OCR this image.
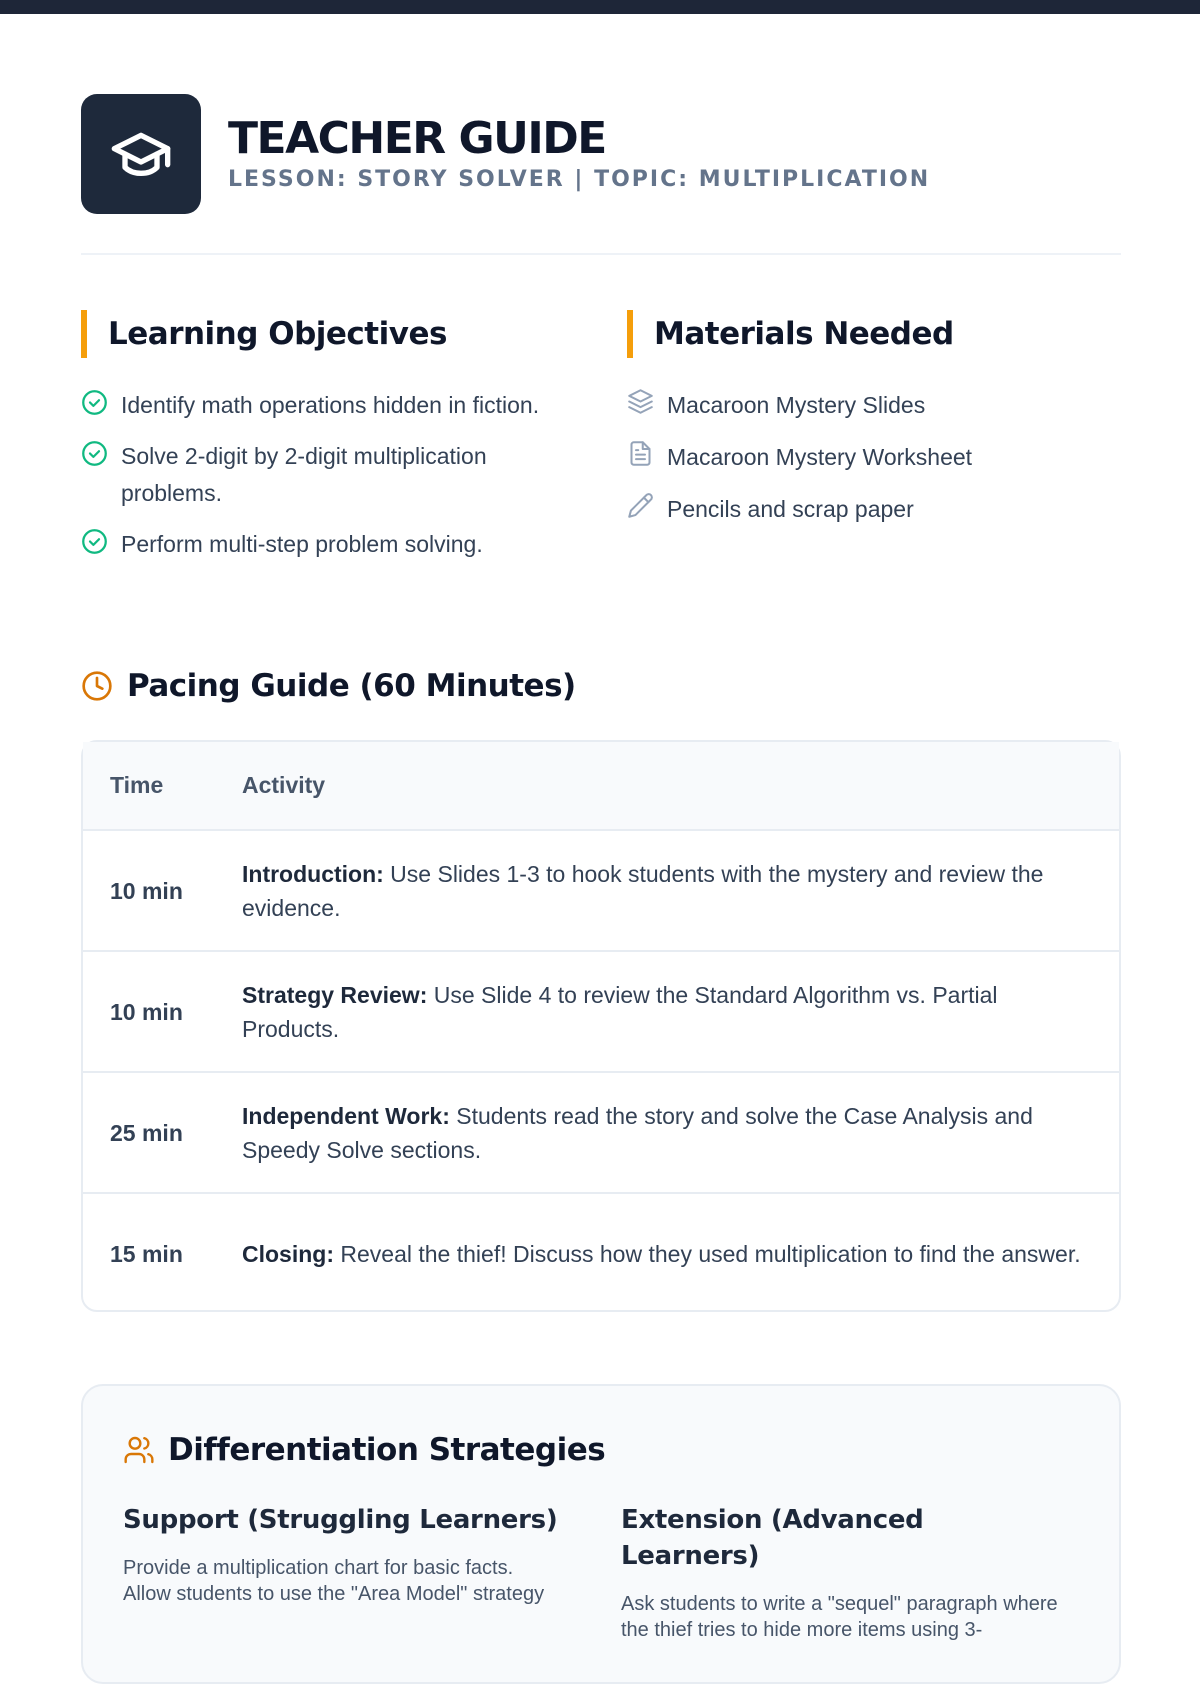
TEACHER GUIDE
LESSON: STORY SOLVER | TOPIC: MULTIPLICATION
Learning Objectives
Identify math operations hidden in fiction.
Solve 2-digit by 2-digit multiplication problems.
Perform multi-step problem solving.
Materials Needed
Macaroon Mystery Slides
Macaroon Mystery Worksheet
Pencils and scrap paper
Pacing Guide (60 Minutes)
Time	Activity
10 min	Introduction: Use Slides 1-3 to hook students with the mystery and review the evidence.
10 min	Strategy Review: Use Slide 4 to review the Standard Algorithm vs. Partial Products.
25 min	Independent Work: Students read the story and solve the Case Analysis and Speedy Solve sections.
15 min	Closing: Reveal the thief! Discuss how they used multiplication to find the answer.
Differentiation Strategies
Support (Struggling Learners)

Provide a multiplication chart for basic facts. Allow students to use the "Area Model" strategy

Extension (Advanced Learners)

Ask students to write a "sequel" paragraph where the thief tries to hide more items using 3-
